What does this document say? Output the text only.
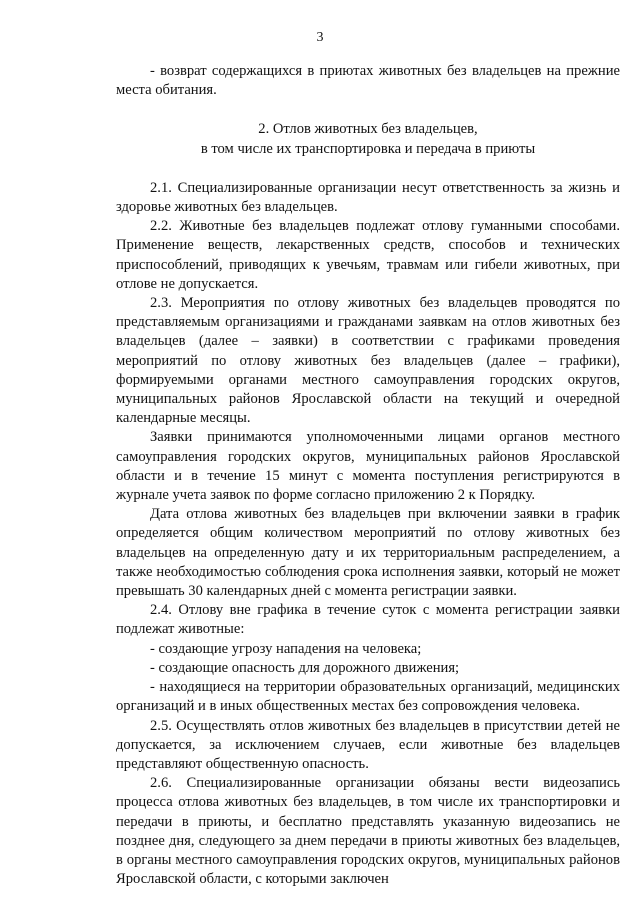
3

- возврат содержащихся в приютах животных без владельцев на прежние места обитания.

2. Отлов животных без владельцев,
в том числе их транспортировка и передача в приюты

2.1. Специализированные организации несут ответственность за жизнь и здоровье животных без владельцев.

2.2. Животные без владельцев подлежат отлову гуманными способами. Применение веществ, лекарственных средств, способов и технических приспособлений, приводящих к увечьям, травмам или гибели животных, при отлове не допускается.

2.3. Мероприятия по отлову животных без владельцев проводятся по представляемым организациями и гражданами заявкам на отлов животных без владельцев (далее – заявки) в соответствии с графиками проведения мероприятий по отлову животных без владельцев (далее – графики), формируемыми органами местного самоуправления городских округов, муниципальных районов Ярославской области на текущий и очередной календарные месяцы.

Заявки принимаются уполномоченными лицами органов местного самоуправления городских округов, муниципальных районов Ярославской области и в течение 15 минут с момента поступления регистрируются в журнале учета заявок по форме согласно приложению 2 к Порядку.

Дата отлова животных без владельцев при включении заявки в график определяется общим количеством мероприятий по отлову животных без владельцев на определенную дату и их территориальным распределением, а также необходимостью соблюдения срока исполнения заявки, который не может превышать 30 календарных дней с момента регистрации заявки.

2.4. Отлову вне графика в течение суток с момента регистрации заявки подлежат животные:

- создающие угрозу нападения на человека;

- создающие опасность для дорожного движения;

- находящиеся на территории образовательных организаций, медицинских организаций и в иных общественных местах без сопровождения человека.

2.5. Осуществлять отлов животных без владельцев в присутствии детей не допускается, за исключением случаев, если животные без владельцев представляют общественную опасность.

2.6. Специализированные организации обязаны вести видеозапись процесса отлова животных без владельцев, в том числе их транспортировки и передачи в приюты, и бесплатно представлять указанную видеозапись не позднее дня, следующего за днем передачи в приюты животных без владельцев, в органы местного самоуправления городских округов, муниципальных районов Ярославской области, с которыми заключен
